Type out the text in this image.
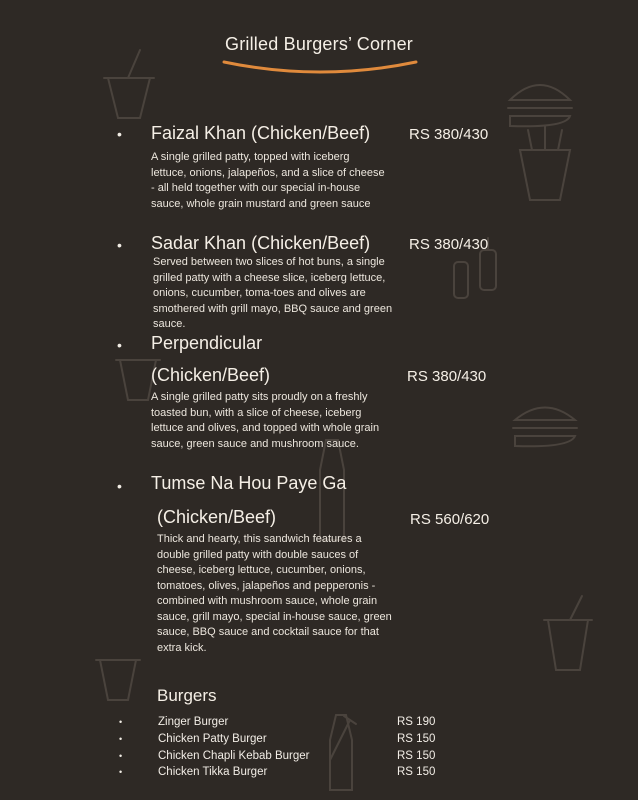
Grilled Burgers’ Corner
• Faizal Khan (Chicken/Beef)	RS 380/430
A single grilled patty, topped with iceberg lettuce, onions, jalapeños, and a slice of cheese - all held together with our special in-house sauce, whole grain mustard and green sauce
• Sadar Khan (Chicken/Beef)	RS 380/430
Served between two slices of hot buns, a single grilled patty with a cheese slice, iceberg lettuce, onions, cucumber, toma-toes and olives are smothered with grill mayo, BBQ sauce and green sauce.
• Perpendicular
(Chicken/Beef)	RS 380/430
A single grilled patty sits proudly on a freshly toasted bun, with a slice of cheese, iceberg lettuce and olives, and topped with whole grain sauce, green sauce and mushroom sauce.
• Tumse Na Hou Paye Ga
(Chicken/Beef)	RS 560/620
Thick and hearty, this sandwich features a double grilled patty with double sauces of cheese, iceberg lettuce, cucumber, onions, tomatoes, olives, jalapeños and pepperonis - combined with mushroom sauce, whole grain sauce, grill mayo, special in-house sauce, green sauce, BBQ sauce and cocktail sauce for that extra kick.
Burgers
•	Zinger Burger	RS 190
•	Chicken Patty Burger	RS 150
•	Chicken Chapli Kebab Burger	RS 150
•	Chicken Tikka Burger	RS 150
